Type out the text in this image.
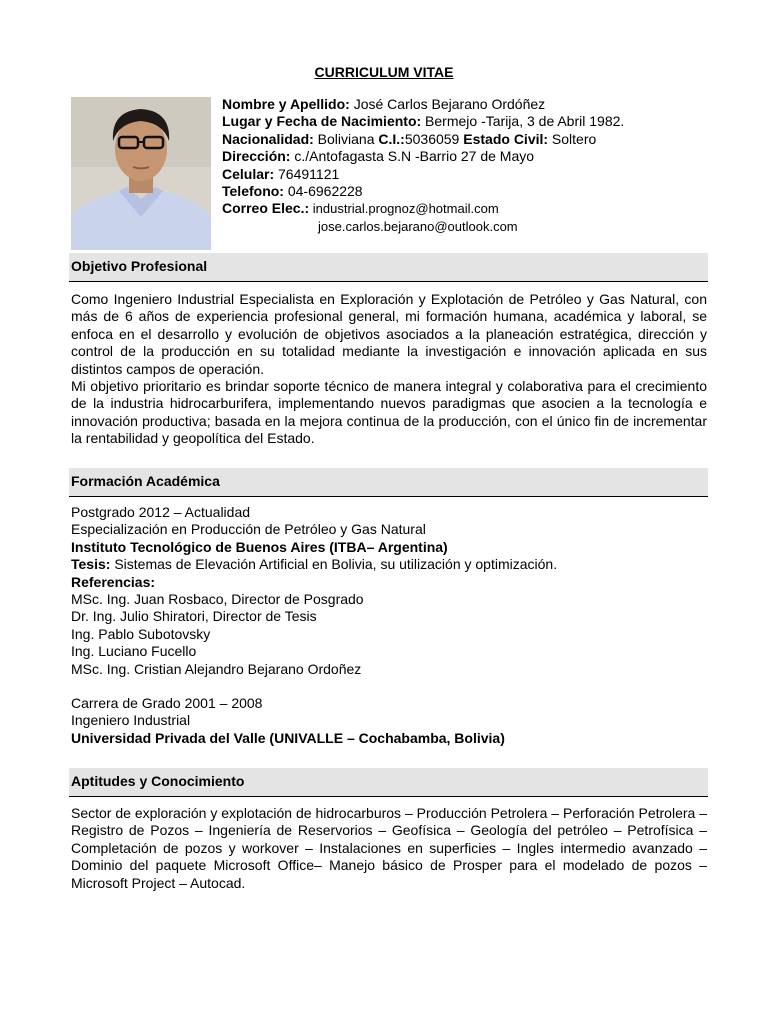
CURRICULUM VITAE
Nombre y Apellido: José Carlos Bejarano Ordóñez
Lugar y Fecha de Nacimiento: Bermejo -Tarija, 3 de Abril 1982.
Nacionalidad: Boliviana C.I.:5036059 Estado Civil: Soltero
Dirección: c./Antofagasta S.N -Barrio 27 de Mayo
Celular: 76491121
Telefono: 04-6962228
Correo Elec.: industrial.prognoz@hotmail.com
jose.carlos.bejarano@outlook.com
Objetivo Profesional
Como Ingeniero Industrial Especialista en Exploración y Explotación de Petróleo y Gas Natural, con más de 6 años de experiencia profesional general, mi formación humana, académica y laboral, se enfoca en el desarrollo y evolución de objetivos asociados a la planeación estratégica, dirección y control de la producción en su totalidad mediante la investigación e innovación aplicada en sus distintos campos de operación.
Mi objetivo prioritario es brindar soporte técnico de manera integral y colaborativa para el crecimiento de la industria hidrocarburifera, implementando nuevos paradigmas que asocien a la tecnología e innovación productiva; basada en la mejora continua de la producción, con el único fin de incrementar la rentabilidad y geopolítica del Estado.
Formación Académica
Postgrado 2012 – Actualidad
Especialización en Producción de Petróleo y Gas Natural
Instituto Tecnológico de Buenos Aires (ITBA– Argentina)
Tesis: Sistemas de Elevación Artificial en Bolivia, su utilización y optimización.
Referencias:
MSc. Ing. Juan Rosbaco, Director de Posgrado
Dr. Ing. Julio Shiratori, Director de Tesis
Ing. Pablo Subotovsky
Ing. Luciano Fucello
MSc. Ing. Cristian Alejandro Bejarano Ordoñez
Carrera de Grado 2001 – 2008
Ingeniero Industrial
Universidad Privada del Valle (UNIVALLE – Cochabamba, Bolivia)
Aptitudes y Conocimiento
Sector de exploración y explotación de hidrocarburos – Producción Petrolera – Perforación Petrolera – Registro de Pozos – Ingeniería de Reservorios – Geofísica – Geología del petróleo – Petrofísica – Completación de pozos y workover – Instalaciones en superficies – Ingles intermedio avanzado – Dominio del paquete Microsoft Office– Manejo básico de Prosper para el modelado de pozos – Microsoft Project – Autocad.
